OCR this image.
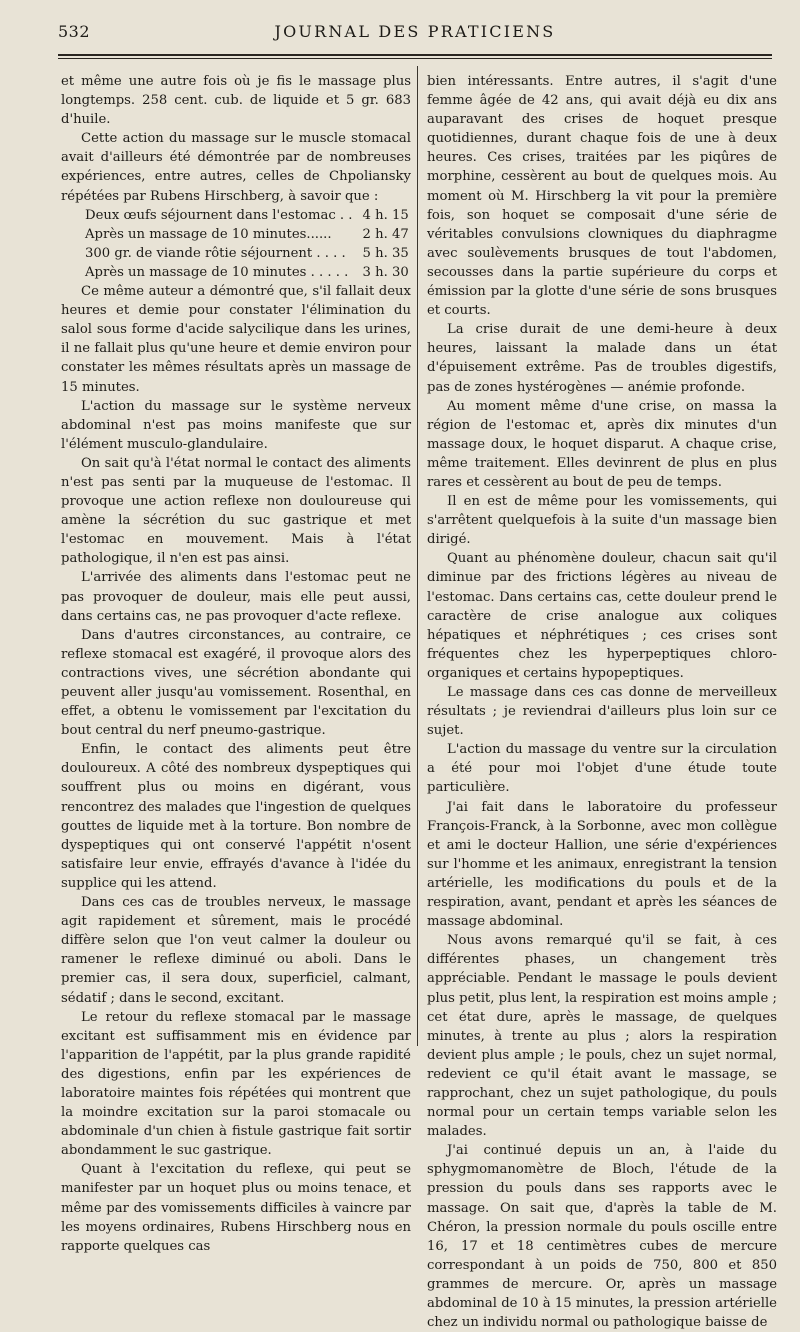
532	JOURNAL DES PRATICIENS

et même une autre fois où je fis le massage plus longtemps. 258 cent. cub. de liquide et 5 gr. 683 d'huile.

Cette action du massage sur le muscle stomacal avait d'ailleurs été démontrée par de nombreuses expériences, entre autres, celles de Chpoliansky répétées par Rubens Hirschberg, à savoir que :

Deux œufs séjournent dans l'estomac . .	4 h. 15
Après un massage de 10 minutes......	2 h. 47
300 gr. de viande rôtie séjournent . . . .	5 h. 35
Après un massage de 10 minutes . . . . .	3 h. 30

Ce même auteur a démontré que, s'il fallait deux heures et demie pour constater l'élimination du salol sous forme d'acide salycilique dans les urines, il ne fallait plus qu'une heure et demie environ pour constater les mêmes résultats après un massage de 15 minutes.

L'action du massage sur le système nerveux abdominal n'est pas moins manifeste que sur l'élément musculo-glandulaire.

On sait qu'à l'état normal le contact des aliments n'est pas senti par la muqueuse de l'estomac. Il provoque une action reflexe non douloureuse qui amène la sécrétion du suc gastrique et met l'estomac en mouvement. Mais à l'état pathologique, il n'en est pas ainsi.

L'arrivée des aliments dans l'estomac peut ne pas provoquer de douleur, mais elle peut aussi, dans certains cas, ne pas provoquer d'acte reflexe.

Dans d'autres circonstances, au contraire, ce reflexe stomacal est exagéré, il provoque alors des contractions vives, une sécrétion abondante qui peuvent aller jusqu'au vomissement. Rosenthal, en effet, a obtenu le vomissement par l'excitation du bout central du nerf pneumo-gastrique.

Enfin, le contact des aliments peut être douloureux. A côté des nombreux dyspeptiques qui souffrent plus ou moins en digérant, vous rencontrez des malades que l'ingestion de quelques gouttes de liquide met à la torture. Bon nombre de dyspeptiques qui ont conservé l'appétit n'osent satisfaire leur envie, effrayés d'avance à l'idée du supplice qui les attend.

Dans ces cas de troubles nerveux, le massage agit rapidement et sûrement, mais le procédé diffère selon que l'on veut calmer la douleur ou ramener le reflexe diminué ou aboli. Dans le premier cas, il sera doux, superficiel, calmant, sédatif ; dans le second, excitant.

Le retour du reflexe stomacal par le massage excitant est suffisamment mis en évidence par l'apparition de l'appétit, par la plus grande rapidité des digestions, enfin par les expériences de laboratoire maintes fois répétées qui montrent que la moindre excitation sur la paroi stomacale ou abdominale d'un chien à fistule gastrique fait sortir abondamment le suc gastrique.

Quant à l'excitation du reflexe, qui peut se manifester par un hoquet plus ou moins tenace, et même par des vomissements difficiles à vaincre par les moyens ordinaires, Rubens Hirschberg nous en rapporte quelques cas

bien intéressants. Entre autres, il s'agit d'une femme âgée de 42 ans, qui avait déjà eu dix ans auparavant des crises de hoquet presque quotidiennes, durant chaque fois de une à deux heures. Ces crises, traitées par les piqûres de morphine, cessèrent au bout de quelques mois. Au moment où M. Hirschberg la vit pour la première fois, son hoquet se composait d'une série de véritables convulsions clowniques du diaphragme avec soulèvements brusques de tout l'abdomen, secousses dans la partie supérieure du corps et émission par la glotte d'une série de sons brusques et courts.

La crise durait de une demi-heure à deux heures, laissant la malade dans un état d'épuisement extrême. Pas de troubles digestifs, pas de zones hystérogènes — anémie profonde.

Au moment même d'une crise, on massa la région de l'estomac et, après dix minutes d'un massage doux, le hoquet disparut. A chaque crise, même traitement. Elles devinrent de plus en plus rares et cessèrent au bout de peu de temps.

Il en est de même pour les vomissements, qui s'arrêtent quelquefois à la suite d'un massage bien dirigé.

Quant au phénomène douleur, chacun sait qu'il diminue par des frictions légères au niveau de l'estomac. Dans certains cas, cette douleur prend le caractère de crise analogue aux coliques hépatiques et néphrétiques ; ces crises sont fréquentes chez les hyperpeptiques chloro-organiques et certains hypopeptiques.

Le massage dans ces cas donne de merveilleux résultats ; je reviendrai d'ailleurs plus loin sur ce sujet.

L'action du massage du ventre sur la circulation a été pour moi l'objet d'une étude toute particulière.

J'ai fait dans le laboratoire du professeur François-Franck, à la Sorbonne, avec mon collègue et ami le docteur Hallion, une série d'expériences sur l'homme et les animaux, enregistrant la tension artérielle, les modifications du pouls et de la respiration, avant, pendant et après les séances de massage abdominal.

Nous avons remarqué qu'il se fait, à ces différentes phases, un changement très appréciable. Pendant le massage le pouls devient plus petit, plus lent, la respiration est moins ample ; cet état dure, après le massage, de quelques minutes, à trente au plus ; alors la respiration devient plus ample ; le pouls, chez un sujet normal, redevient ce qu'il était avant le massage, se rapprochant, chez un sujet pathologique, du pouls normal pour un certain temps variable selon les malades.

J'ai continué depuis un an, à l'aide du sphygmomanomètre de Bloch, l'étude de la pression du pouls dans ses rapports avec le massage. On sait que, d'après la table de M. Chéron, la pression normale du pouls oscille entre 16, 17 et 18 centimètres cubes de mercure correspondant à un poids de 750, 800 et 850 grammes de mercure. Or, après un massage abdominal de 10 à 15 minutes, la pression artérielle chez un individu normal ou pathologique baisse de
